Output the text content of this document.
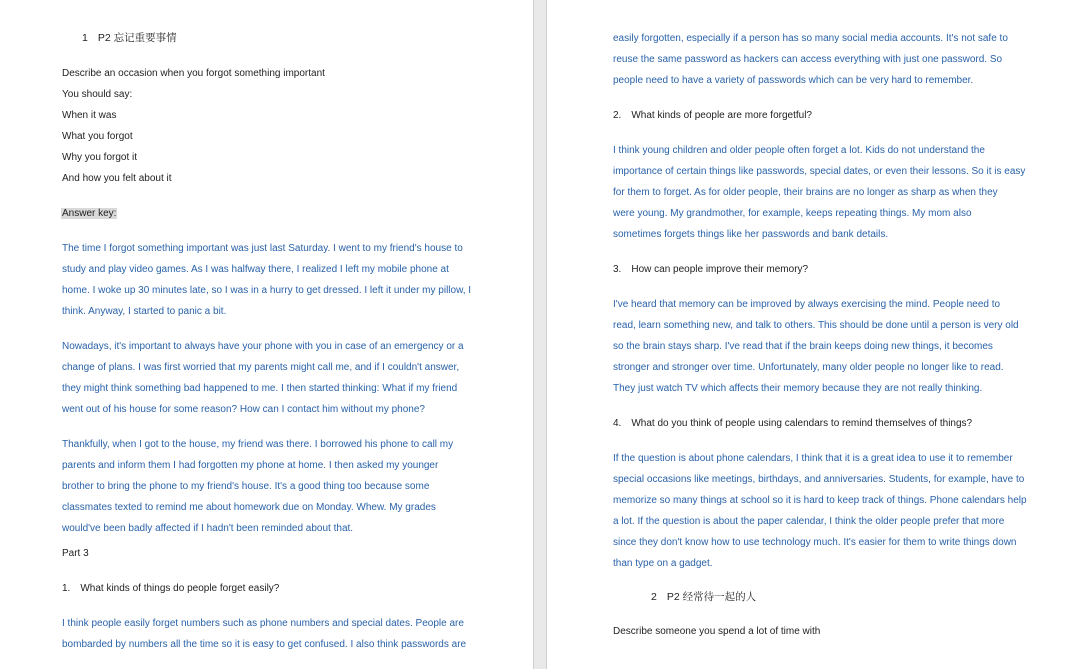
1 P2 忘记重要事情
Describe an occasion when you forgot something important
You should say:
When it was
What you forgot
Why you forgot it
And how you felt about it
Answer key:
The time I forgot something important was just last Saturday. I went to my friend's house to
study and play video games. As I was halfway there, I realized I left my mobile phone at
home. I woke up 30 minutes late, so I was in a hurry to get dressed. I left it under my pillow, I
think. Anyway, I started to panic a bit.
Nowadays, it's important to always have your phone with you in case of an emergency or a
change of plans. I was first worried that my parents might call me, and if I couldn't answer,
they might think something bad happened to me. I then started thinking: What if my friend
went out of his house for some reason? How can I contact him without my phone?
Thankfully, when I got to the house, my friend was there. I borrowed his phone to call my
parents and inform them I had forgotten my phone at home. I then asked my younger
brother to bring the phone to my friend's house. It's a good thing too because some
classmates texted to remind me about homework due on Monday. Whew. My grades
would've been badly affected if I hadn't been reminded about that.
Part 3
1. What kinds of things do people forget easily?
I think people easily forget numbers such as phone numbers and special dates. People are
bombarded by numbers all the time so it is easy to get confused. I also think passwords are
easily forgotten, especially if a person has so many social media accounts. It's not safe to
reuse the same password as hackers can access everything with just one password. So
people need to have a variety of passwords which can be very hard to remember.
2. What kinds of people are more forgetful?
I think young children and older people often forget a lot. Kids do not understand the
importance of certain things like passwords, special dates, or even their lessons. So it is easy
for them to forget. As for older people, their brains are no longer as sharp as when they
were young. My grandmother, for example, keeps repeating things. My mom also
sometimes forgets things like her passwords and bank details.
3. How can people improve their memory?
I've heard that memory can be improved by always exercising the mind. People need to
read, learn something new, and talk to others. This should be done until a person is very old
so the brain stays sharp. I've read that if the brain keeps doing new things, it becomes
stronger and stronger over time. Unfortunately, many older people no longer like to read.
They just watch TV which affects their memory because they are not really thinking.
4. What do you think of people using calendars to remind themselves of things?
If the question is about phone calendars, I think that it is a great idea to use it to remember
special occasions like meetings, birthdays, and anniversaries. Students, for example, have to
memorize so many things at school so it is hard to keep track of things. Phone calendars help
a lot. If the question is about the paper calendar, I think the older people prefer that more
since they don't know how to use technology much. It's easier for them to write things down
than type on a gadget.
2 P2 经常待一起的人
Describe someone you spend a lot of time with
